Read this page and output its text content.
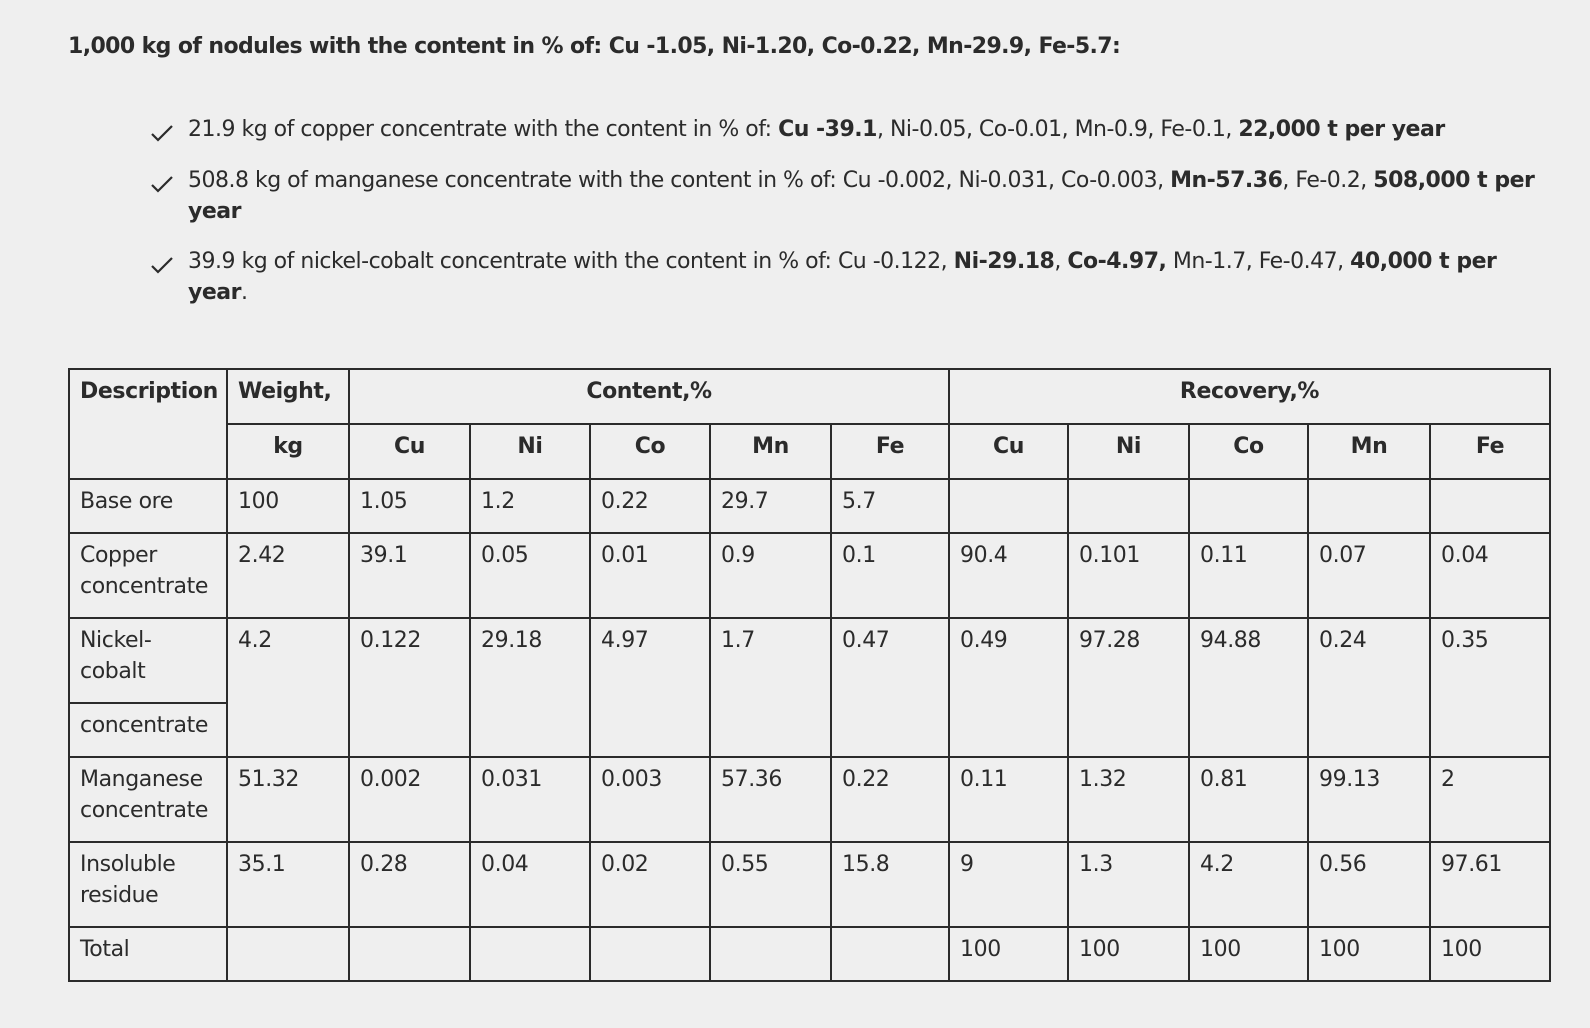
1,000 kg of nodules with the content in % of: Cu -1.05, Ni-1.20, Co-0.22, Mn-29.9, Fe-5.7:
21.9 kg of copper concentrate with the content in % of: Cu -39.1, Ni-0.05, Co-0.01, Mn-0.9, Fe-0.1, 22,000 t per year
508.8 kg of manganese concentrate with the content in % of: Cu -0.002, Ni-0.031, Co-0.003, Mn-57.36, Fe-0.2, 508,000 t per year
39.9 kg of nickel-cobalt concentrate with the content in % of: Cu -0.122, Ni-29.18, Co-4.97, Mn-1.7, Fe-0.47, 40,000 t per year.
Description	Weight,	Content,%					Recovery,%				
	kg	Cu	Ni	Co	Mn	Fe	Cu	Ni	Co	Mn	Fe
Base ore	100	1.05	1.2	0.22	29.7	5.7					
Copper concentrate	2.42	39.1	0.05	0.01	0.9	0.1	90.4	0.101	0.11	0.07	0.04
Nickel-cobalt	4.2	0.122	29.18	4.97	1.7	0.47	0.49	97.28	94.88	0.24	0.35
concentrate											
Manganese concentrate	51.32	0.002	0.031	0.003	57.36	0.22	0.11	1.32	0.81	99.13	2
Insoluble residue	35.1	0.28	0.04	0.02	0.55	15.8	9	1.3	4.2	0.56	97.61
Total							100	100	100	100	100
